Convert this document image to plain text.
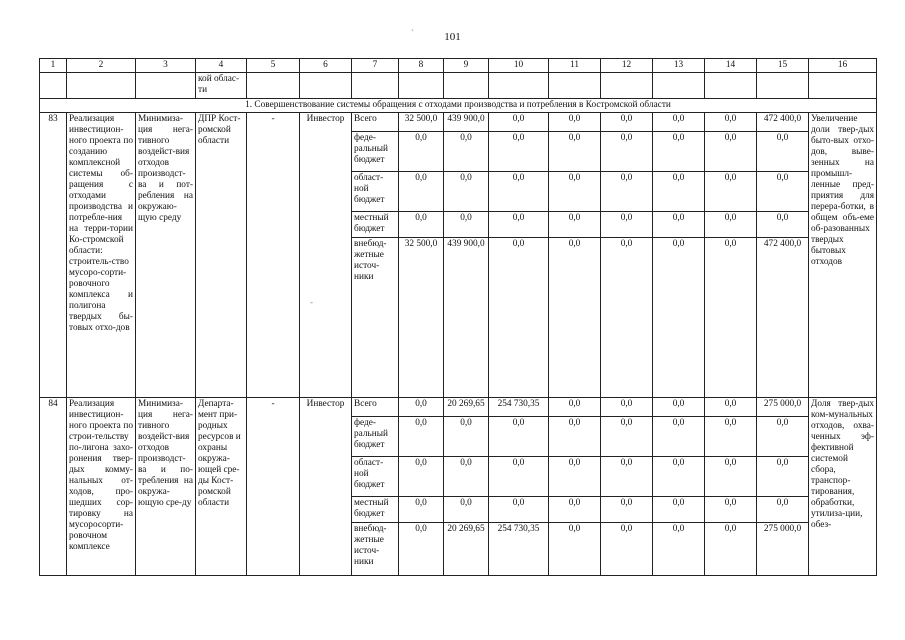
101
`
-
1	2	3	4	5	6	7	8	9	10	11	12	13	14	15	16
			кой облас-ти												
1. Совершенствование системы обращения с отходами производства и потребления в Костромской области															
83	Реализация инвестицион-ного проекта по созданию комплексной системы об-ращения с отходами производства и потребле-ния на терри-тории Ко-стромской области: строитель-ство мусоро-сорти-ровочного комплекса и полигона твердых бы-товых отхо-дов	Минимиза-ция нега-тивного воздейст-вия отходов производст-ва и пот-ребления на окружаю-щую среду	ДПР Кост-ромской области	-	Инвестор	Всего	32 500,0	439 900,0	0,0	0,0	0,0	0,0	0,0	472 400,0	Увеличение доли твер-дых быто-вых отхо-дов, выве-зенных на промышл-ленные пред-приятия для перера-ботки, в общем объ-еме об-разованных твердых бытовых отходов
						феде-ральный бюджет	0,0	0,0	0,0	0,0	0,0	0,0	0,0	0,0	
						област-ной бюджет	0,0	0,0	0,0	0,0	0,0	0,0	0,0	0,0	
						местный бюджет	0,0	0,0	0,0	0,0	0,0	0,0	0,0	0,0	
						внебюд-жетные источ-ники	32 500,0	439 900,0	0,0	0,0	0,0	0,0	0,0	472 400,0	
84	Реализация инвестицион-ного проекта по строи-тельству по-лигона захо-ронения твер-дых комму-нальных от-ходов, про-шедших сор-тировку на мусоросорти-ровочном комплексе	Минимиза-ция нега-тивного воздейст-вия отходов производст-ва и по-требления на окружа-ющую сре-ду	Департа-мент при-родных ресурсов и охраны окружа-ющей сре-ды Кост-ромской области	-	Инвестор	Всего	0,0	20 269,65	254 730,35	0,0	0,0	0,0	0,0	275 000,0	Доля твер-дых ком-мунальных отходов, охва-ченных эф-фективной системой сбора, транспор-тирования, обработки, утилиза-ции, обез-
						феде-ральный бюджет	0,0	0,0	0,0	0,0	0,0	0,0	0,0	0,0	
						област-ной бюджет	0,0	0,0	0,0	0,0	0,0	0,0	0,0	0,0	
						местный бюджет	0,0	0,0	0,0	0,0	0,0	0,0	0,0	0,0	
						внебюд-жетные источ-ники	0,0	20 269,65	254 730,35	0,0	0,0	0,0	0,0	275 000,0	
